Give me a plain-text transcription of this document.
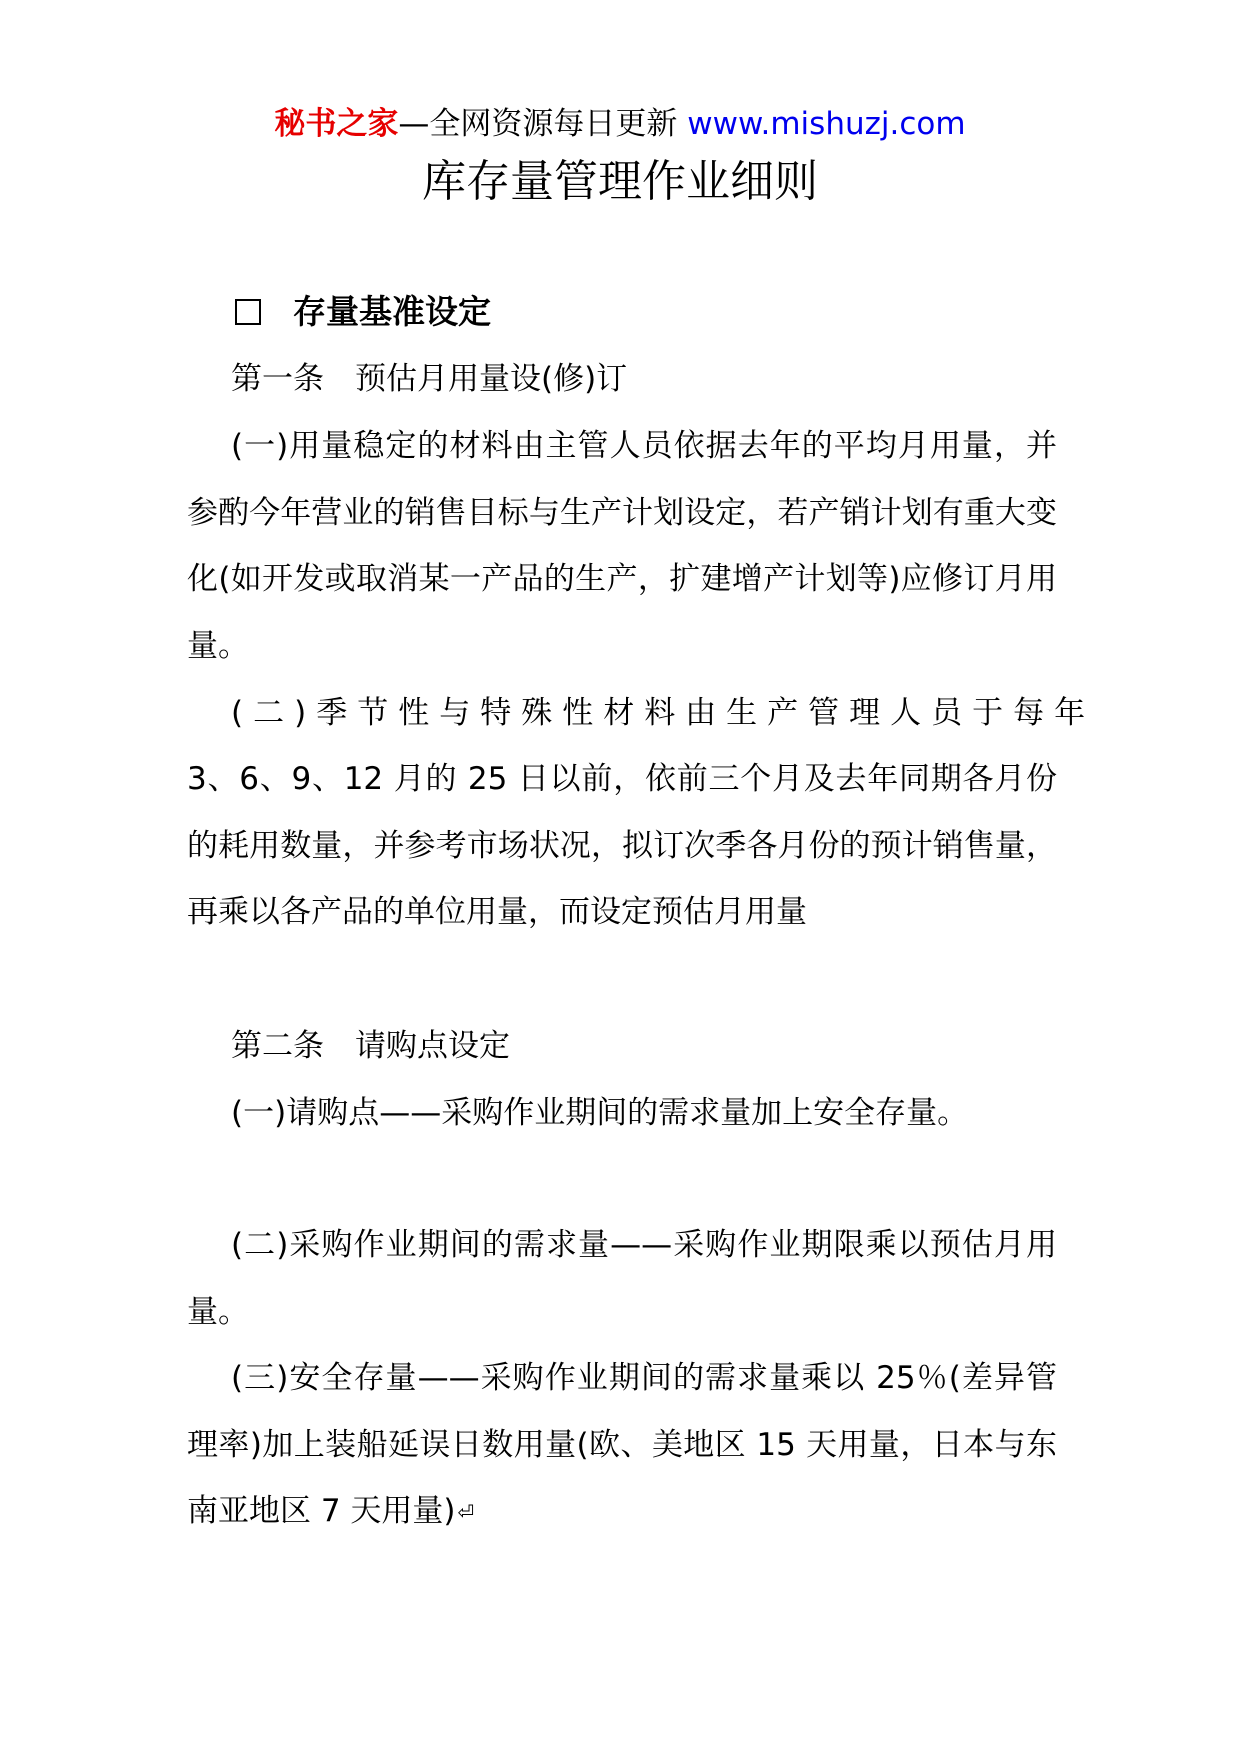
秘书之家—全网资源每日更新 www.mishuzj.com
库存量管理作业细则
存量基准设定

第一条　预估月用量设(修)订

(一)用量稳定的材料由主管人员依据去年的平均月用量，并参酌今年营业的销售目标与生产计划设定，若产销计划有重大变化(如开发或取消某一产品的生产，扩建增产计划等)应修订月用量。

(二)季节性与特殊性材料由生产管理人员于每年

3、6、9、12 月的 25 日以前，依前三个月及去年同期各月份的耗用数量，并参考市场状况，拟订次季各月份的预计销售量，再乘以各产品的单位用量，而设定预估月用量

第二条　请购点设定

(一)请购点——采购作业期间的需求量加上安全存量。

(二)采购作业期间的需求量——采购作业期限乘以预估月用量。

(三)安全存量——采购作业期间的需求量乘以 25％(差异管理率)加上装船延误日数用量(欧、美地区 15 天用量，日本与东南亚地区 7 天用量) ⏎
